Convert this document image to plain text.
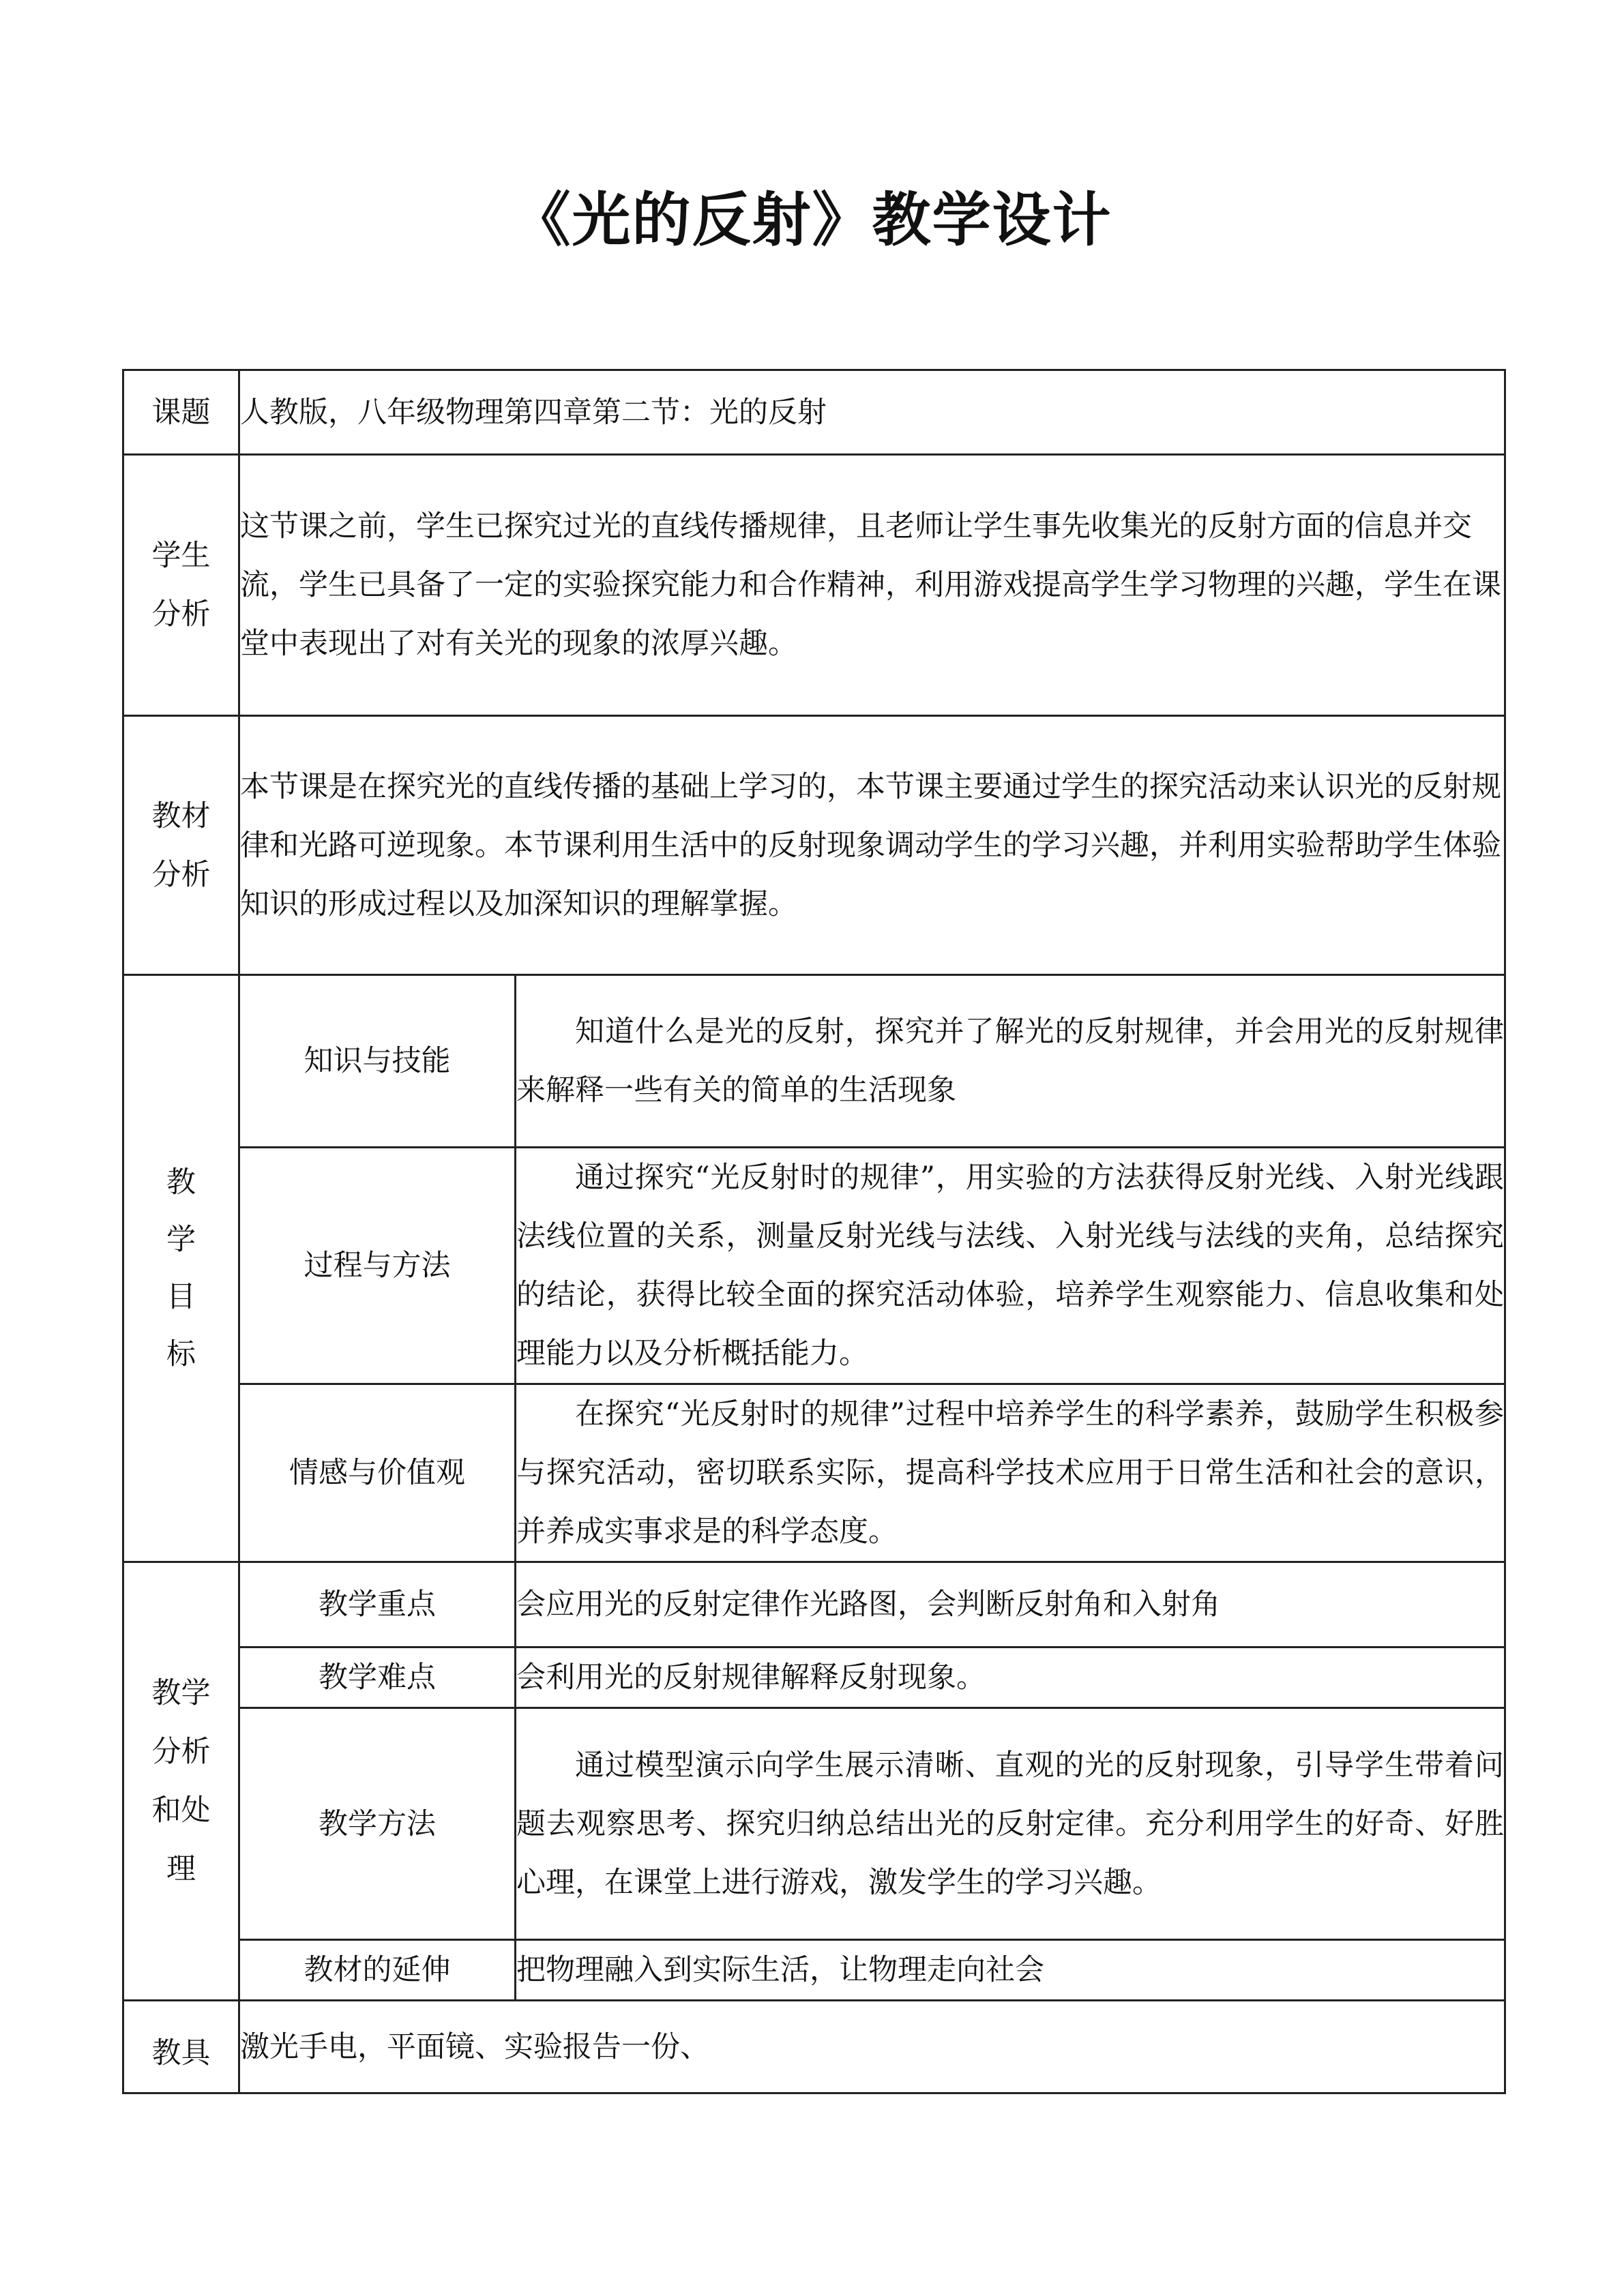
《光的反射》教学设计
课题	人教版，八年级物理第四章第二节：光的反射	

学生分析	这节课之前，学生已探究过光的直线传播规律，且老师让学生事先收集光的反射方面的信息并交流，学生已具备了一定的实验探究能力和合作精神，利用游戏提高学生学习物理的兴趣，学生在课堂中表现出了对有关光的现象的浓厚兴趣。	

教材分析	本节课是在探究光的直线传播的基础上学习的，本节课主要通过学生的探究活动来认识光的反射规律和光路可逆现象。本节课利用生活中的反射现象调动学生的学习兴趣，并利用实验帮助学生体验知识的形成过程以及加深知识的理解掌握。	

教学目标	知识与技能	知道什么是光的反射，探究并了解光的反射规律，并会用光的反射规律来解释一些有关的简单的生活现象
	过程与方法	通过探究“光反射时的规律”，用实验的方法获得反射光线、入射光线跟法线位置的关系，测量反射光线与法线、入射光线与法线的夹角，总结探究的结论，获得比较全面的探究活动体验，培养学生观察能力、信息收集和处理能力以及分析概括能力。
	情感与价值观	在探究“光反射时的规律”过程中培养学生的科学素养，鼓励学生积极参与探究活动，密切联系实际，提高科学技术应用于日常生活和社会的意识，并养成实事求是的科学态度。

教学分析和处理	教学重点	会应用光的反射定律作光路图，会判断反射角和入射角
	教学难点	会利用光的反射规律解释反射现象。
	教学方法	通过模型演示向学生展示清晰、直观的光的反射现象，引导学生带着问题去观察思考、探究归纳总结出光的反射定律。充分利用学生的好奇、好胜心理，在课堂上进行游戏，激发学生的学习兴趣。
	教材的延伸	把物理融入到实际生活，让物理走向社会
教具	激光手电，平面镜、实验报告一份、	
